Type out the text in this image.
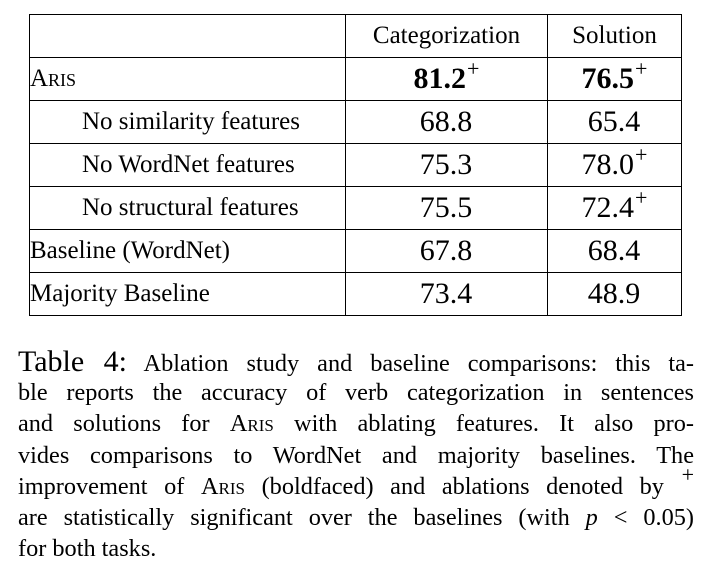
	Categorization	Solution
Aris	81.2+	76.5+
No similarity features	68.8	65.4
No WordNet features	75.3	78.0+
No structural features	75.5	72.4+
Baseline (WordNet)	67.8	68.4
Majority Baseline	73.4	48.9
Table 4: Ablation study and baseline comparisons: this ta-
ble reports the accuracy of verb categorization in sentences
and solutions for Aris with ablating features. It also pro-
vides comparisons to WordNet and majority baselines. The
improvement of Aris (boldfaced) and ablations denoted by +
are statistically significant over the baselines (with p < 0.05)
for both tasks.
